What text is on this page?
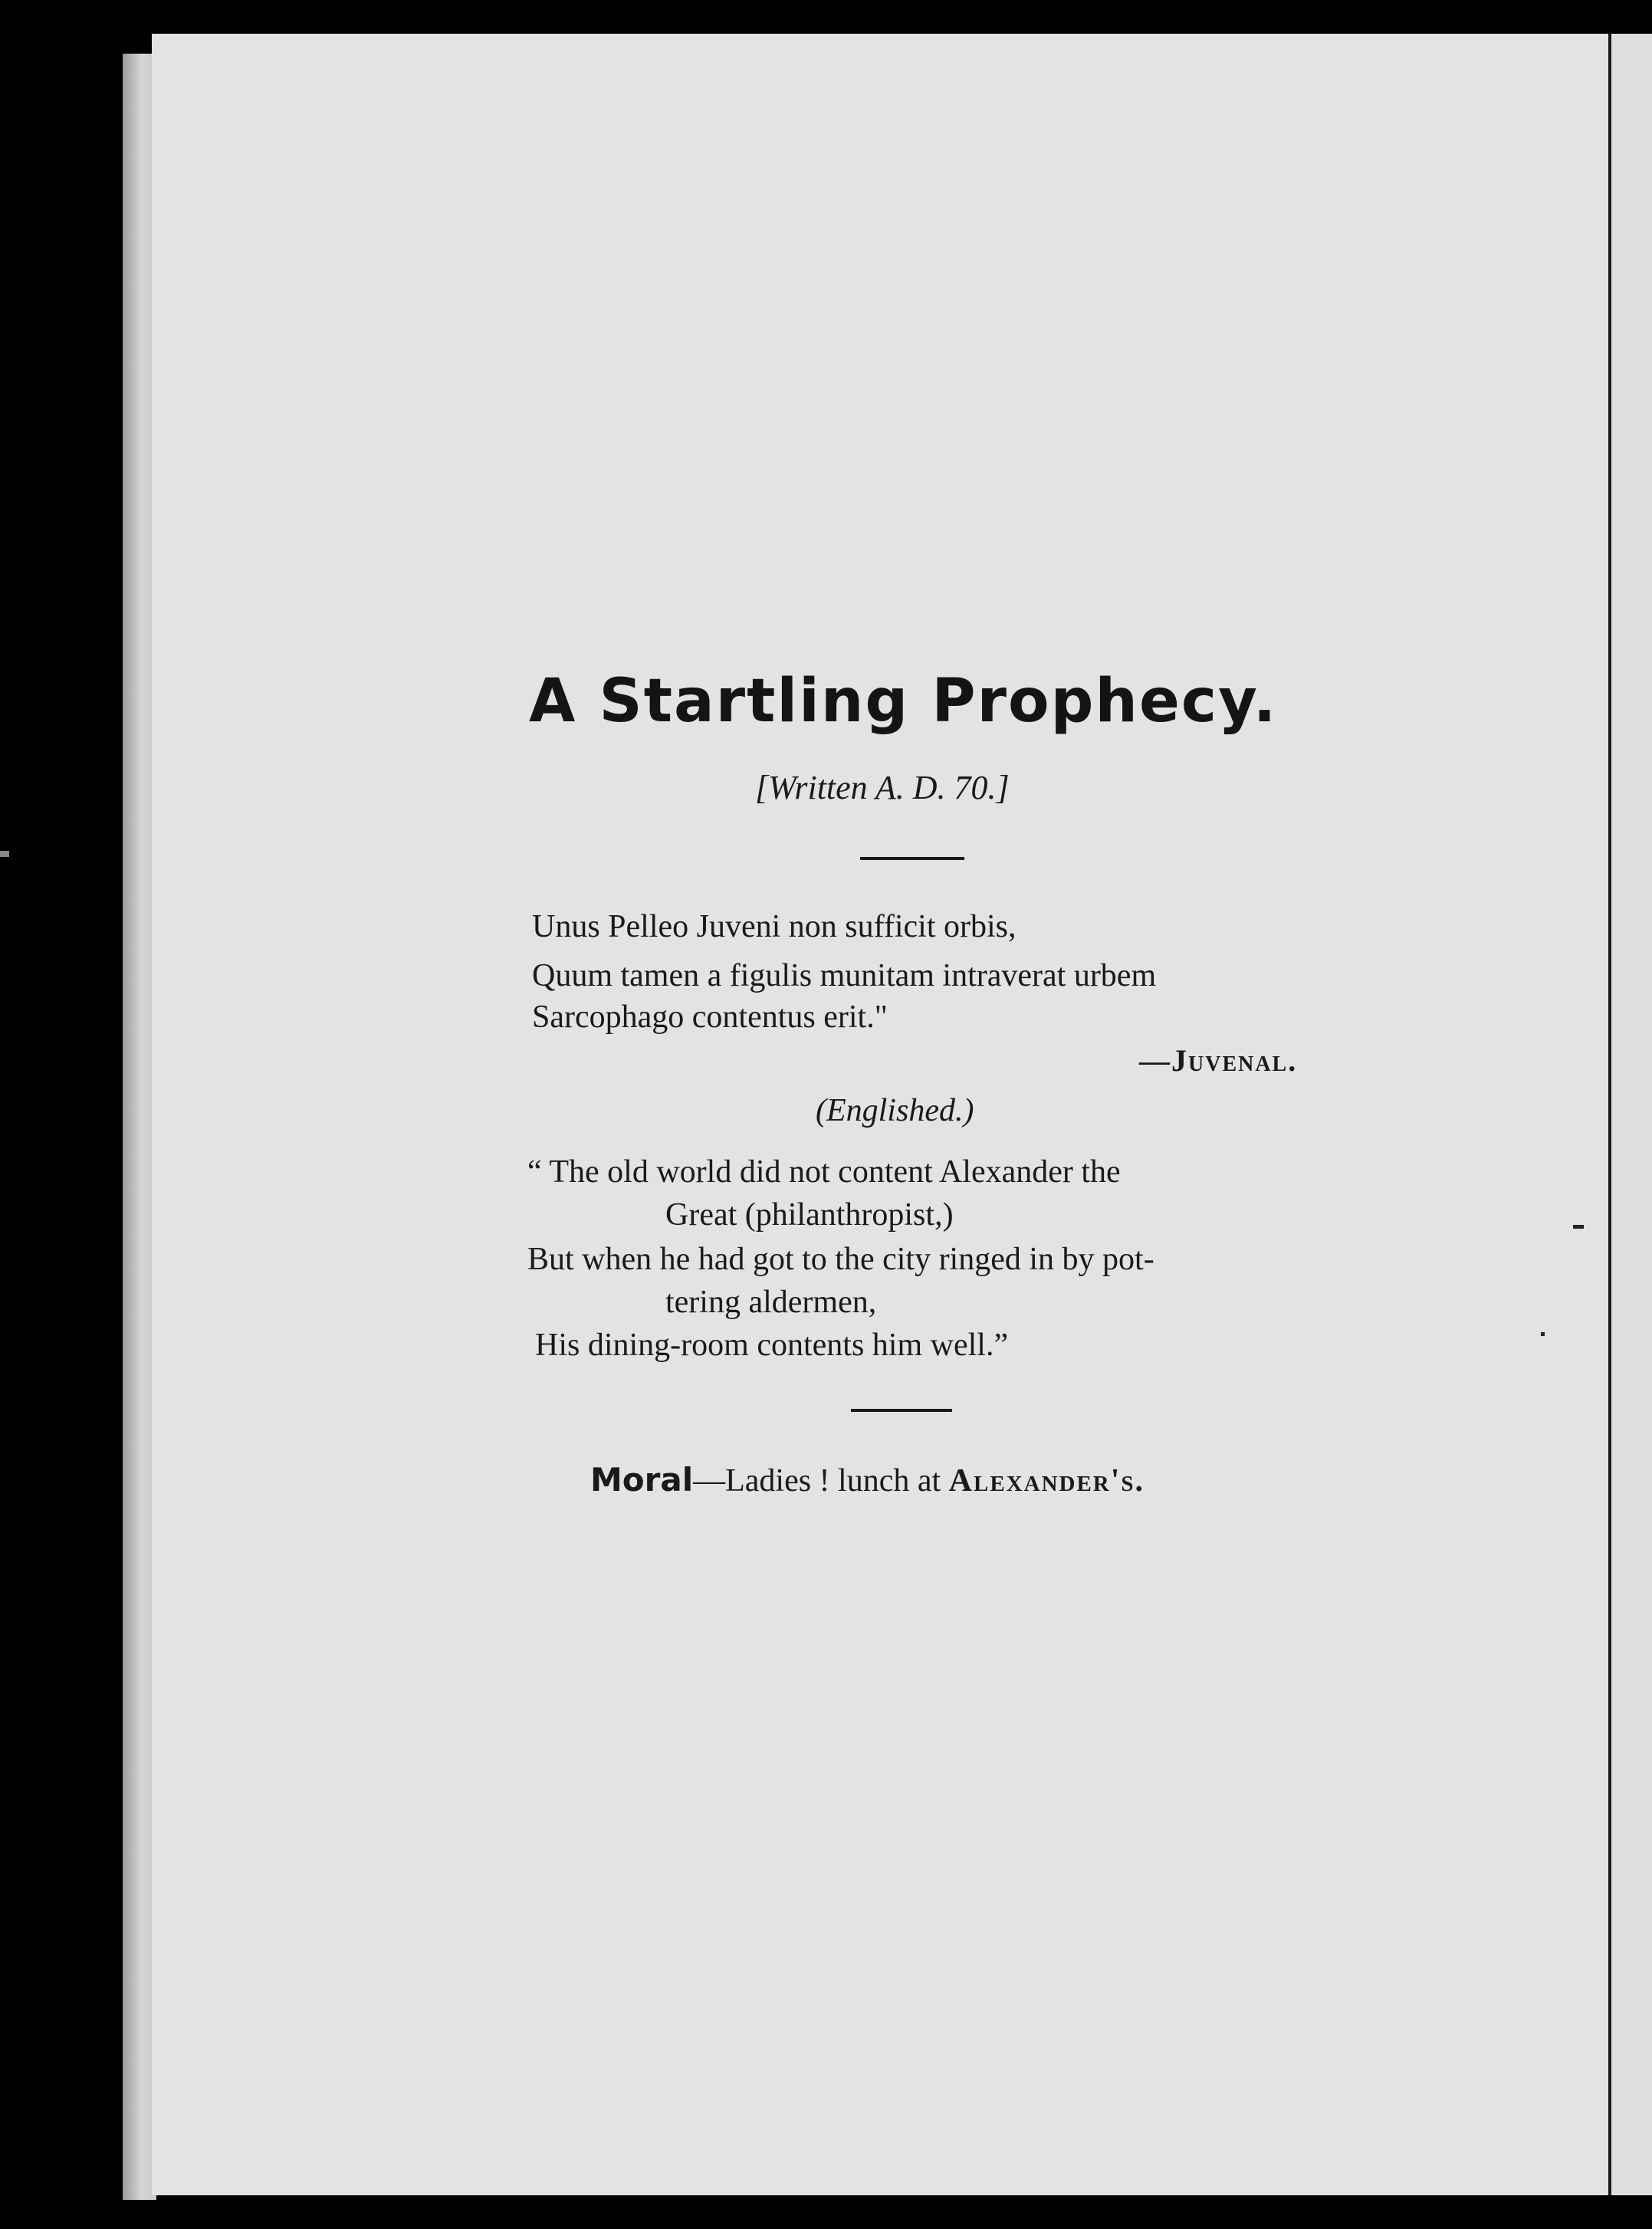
A Startling Prophecy.
[Written A. D. 70.]
Unus Pelleo Juveni non sufficit orbis,
Quum tamen a figulis munitam intraverat urbem
Sarcophago contentus erit."
—Juvenal.
(Englished.)
“ The old world did not content Alexander the
Great (philanthropist,)
But when he had got to the city ringed in by pot-
tering aldermen,
His dining-room contents him well.”
Moral—Ladies ! lunch at Alexander's.
